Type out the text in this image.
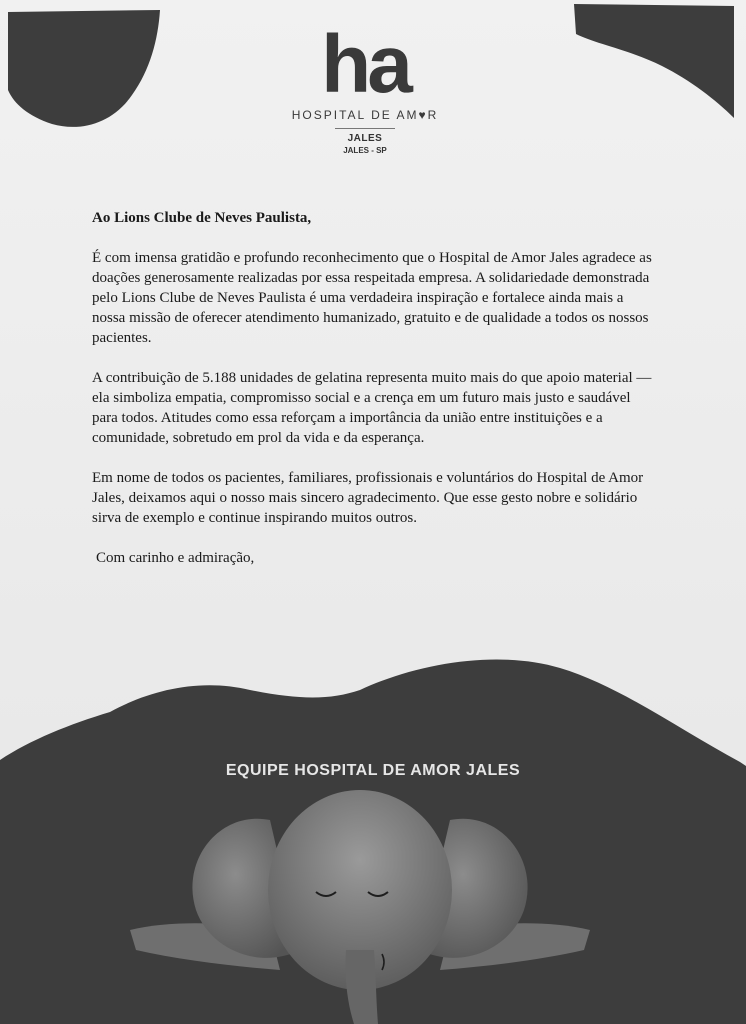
ha
HOSPITAL DE AM♥R
JALES
JALES - SP

Ao Lions Clube de Neves Paulista,

É com imensa gratidão e profundo reconhecimento que o Hospital de Amor Jales agradece as doações generosamente realizadas por essa respeitada empresa. A solidariedade demonstrada pelo Lions Clube de Neves Paulista é uma verdadeira inspiração e fortalece ainda mais a nossa missão de oferecer atendimento humanizado, gratuito e de qualidade a todos os nossos pacientes.

A contribuição de 5.188 unidades de gelatina representa muito mais do que apoio material — ela simboliza empatia, compromisso social e a crença em um futuro mais justo e saudável para todos. Atitudes como essa reforçam a importância da união entre instituições e a comunidade, sobretudo em prol da vida e da esperança.

Em nome de todos os pacientes, familiares, profissionais e voluntários do Hospital de Amor Jales, deixamos aqui o nosso mais sincero agradecimento. Que esse gesto nobre e solidário sirva de exemplo e continue inspirando muitos outros.

Com carinho e admiração,

EQUIPE HOSPITAL DE AMOR JALES
